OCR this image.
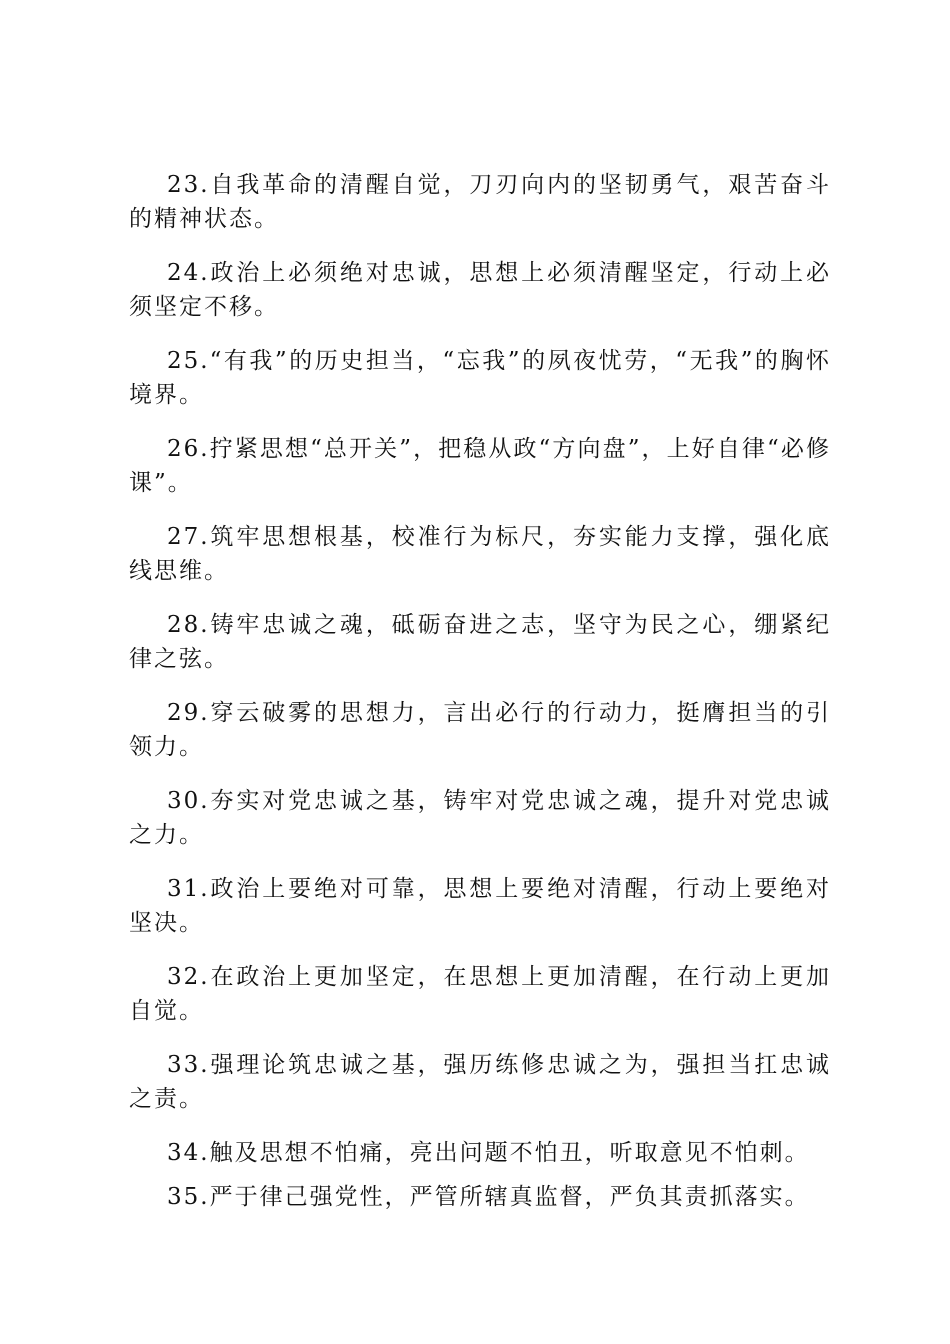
23.自我革命的清醒自觉，刀刃向内的坚韧勇气，艰苦奋斗的精神状态。

24.政治上必须绝对忠诚，思想上必须清醒坚定，行动上必须坚定不移。

25.“有我”的历史担当，“忘我”的夙夜忧劳，“无我”的胸怀境界。

26.拧紧思想“总开关”，把稳从政“方向盘”，上好自律“必修课”。

27.筑牢思想根基，校准行为标尺，夯实能力支撑，强化底线思维。

28.铸牢忠诚之魂，砥砺奋进之志，坚守为民之心，绷紧纪律之弦。

29.穿云破雾的思想力，言出必行的行动力，挺膺担当的引领力。

30.夯实对党忠诚之基，铸牢对党忠诚之魂，提升对党忠诚之力。

31.政治上要绝对可靠，思想上要绝对清醒，行动上要绝对坚决。

32.在政治上更加坚定，在思想上更加清醒，在行动上更加自觉。

33.强理论筑忠诚之基，强历练修忠诚之为，强担当扛忠诚之责。

34.触及思想不怕痛，亮出问题不怕丑，听取意见不怕刺。

35.严于律己强党性，严管所辖真监督，严负其责抓落实。
